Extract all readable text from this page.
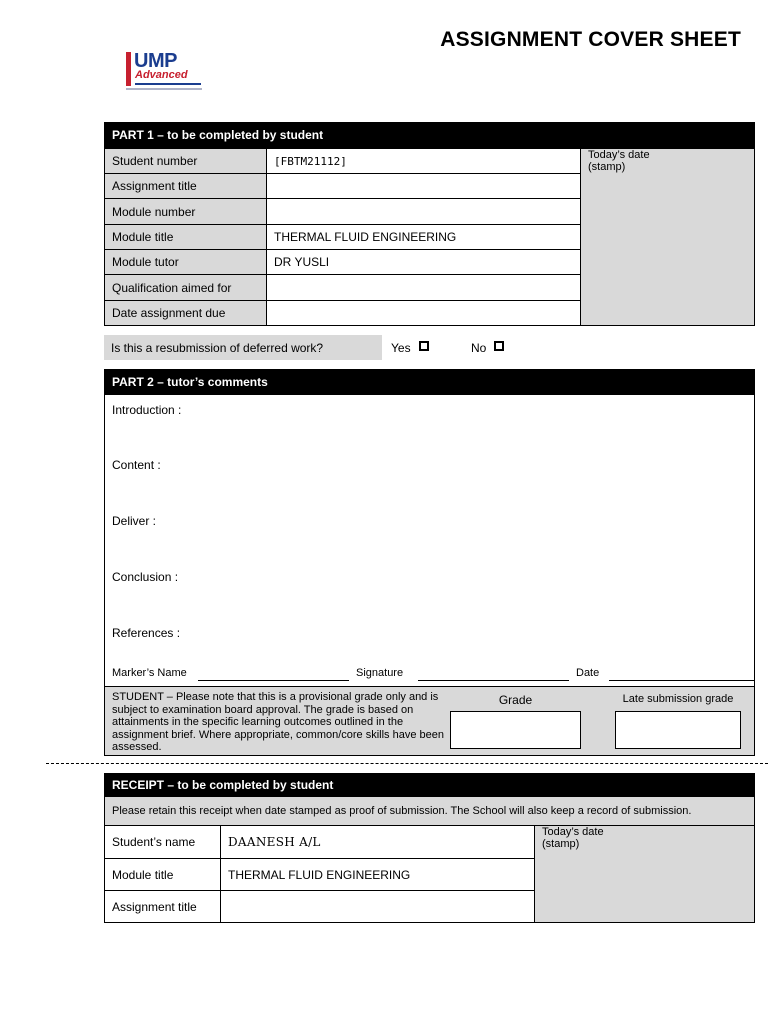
ASSIGNMENT COVER SHEET
UMP
Advanced
PART 1 – to be completed by student
Student number	[FBTM21112]
Assignment title
Module number
Module title	THERMAL FLUID ENGINEERING
Module tutor	DR YUSLI
Qualification aimed for
Date assignment due
Today’s date
(stamp)
Is this a resubmission of deferred work?	Yes	No
PART 2 – tutor’s comments
Introduction :
Content :
Deliver :
Conclusion :
References :
Marker’s Name	Signature	Date
STUDENT – Please note that this is a provisional grade only and is subject to examination board approval. The grade is based on attainments in the specific learning outcomes outlined in the assignment brief. Where appropriate, common/core skills have been assessed.
Grade	Late submission grade
RECEIPT – to be completed by student
Please retain this receipt when date stamped as proof of submission. The School will also keep a record of submission.
Student’s name	DAANESH A/L
Module title	THERMAL FLUID ENGINEERING
Assignment title
Today’s date
(stamp)
